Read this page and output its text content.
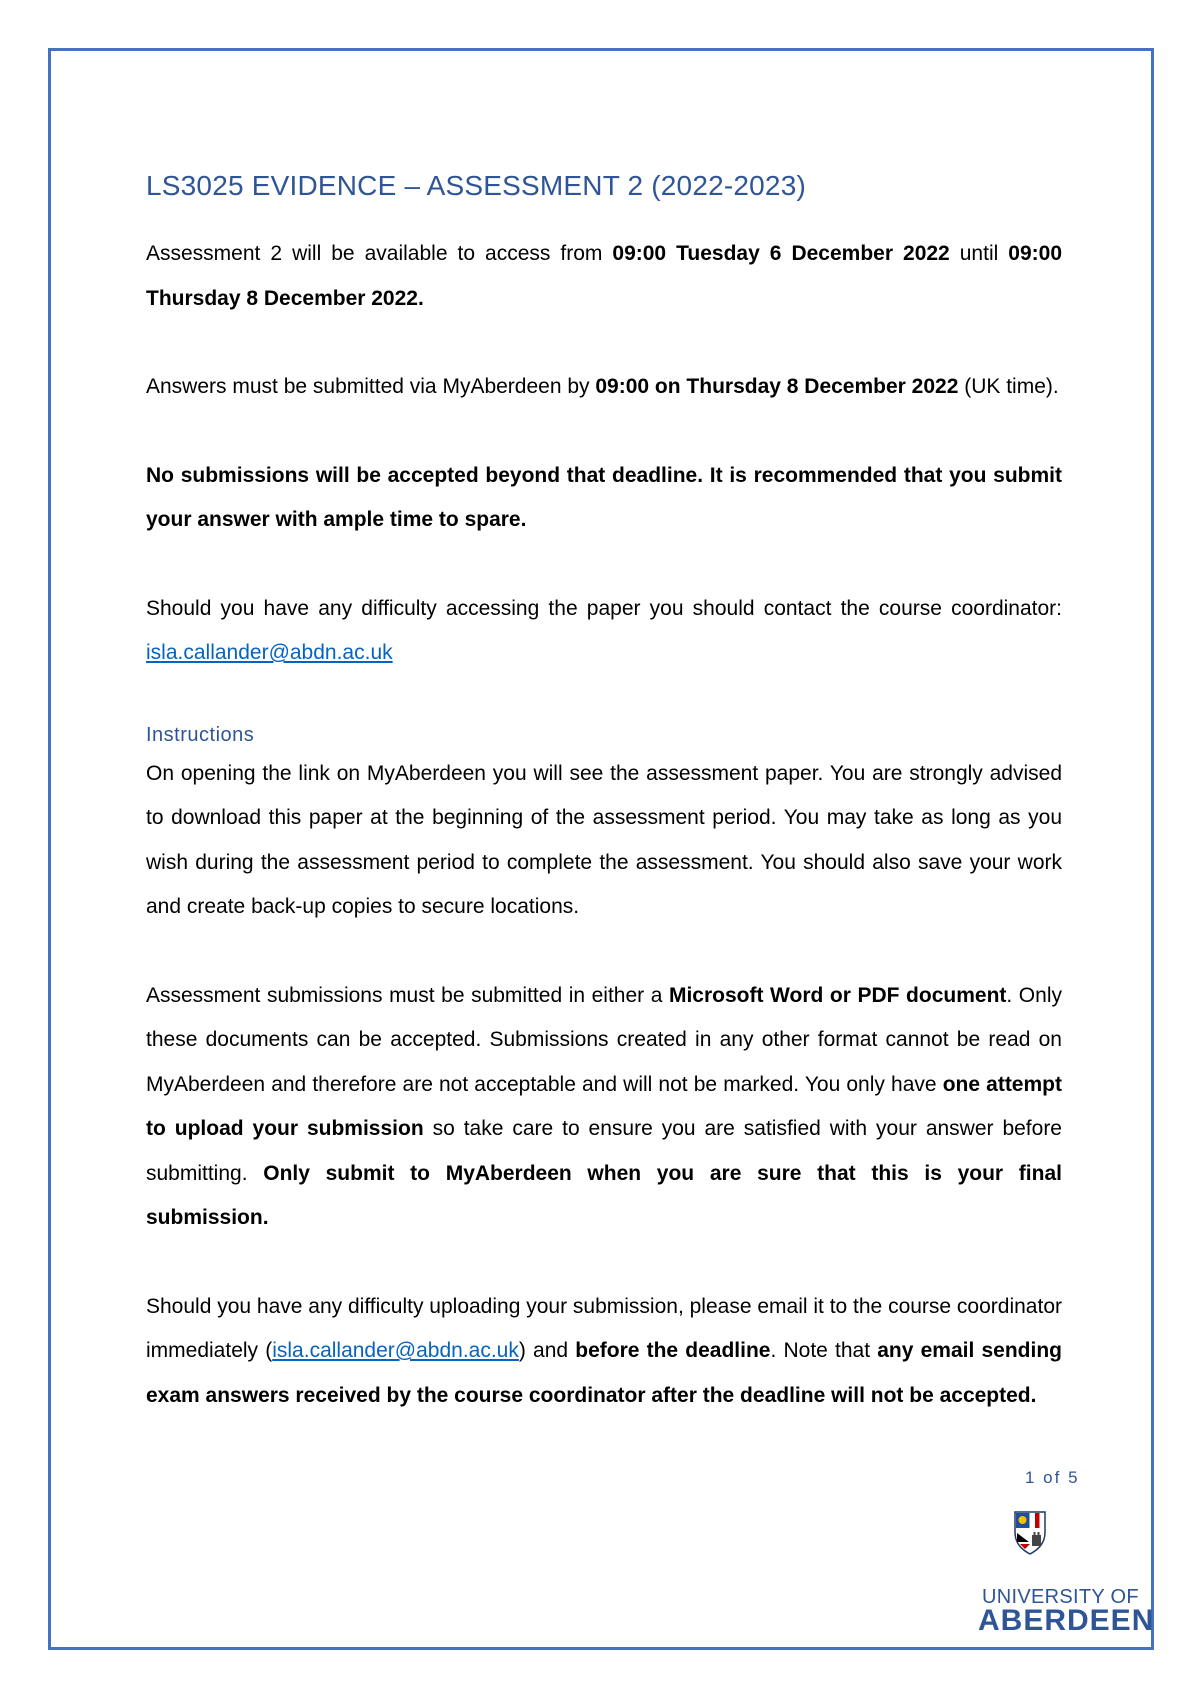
LS3025 EVIDENCE – ASSESSMENT 2 (2022-2023)

Assessment 2 will be available to access from 09:00 Tuesday 6 December 2022 until 09:00 Thursday 8 December 2022.

Answers must be submitted via MyAberdeen by 09:00 on Thursday 8 December 2022 (UK time).

No submissions will be accepted beyond that deadline. It is recommended that you submit your answer with ample time to spare.

Should you have any difficulty accessing the paper you should contact the course coordinator: isla.callander@abdn.ac.uk

Instructions

On opening the link on MyAberdeen you will see the assessment paper. You are strongly advised to download this paper at the beginning of the assessment period. You may take as long as you wish during the assessment period to complete the assessment. You should also save your work and create back-up copies to secure locations.

Assessment submissions must be submitted in either a Microsoft Word or PDF document. Only these documents can be accepted. Submissions created in any other format cannot be read on MyAberdeen and therefore are not acceptable and will not be marked. You only have one attempt to upload your submission so take care to ensure you are satisfied with your answer before submitting. Only submit to MyAberdeen when you are sure that this is your final submission.

Should you have any difficulty uploading your submission, please email it to the course coordinator immediately (isla.callander@abdn.ac.uk) and before the deadline. Note that any email sending exam answers received by the course coordinator after the deadline will not be accepted.

1 of 5
UNIVERSITY OF
ABERDEEN
